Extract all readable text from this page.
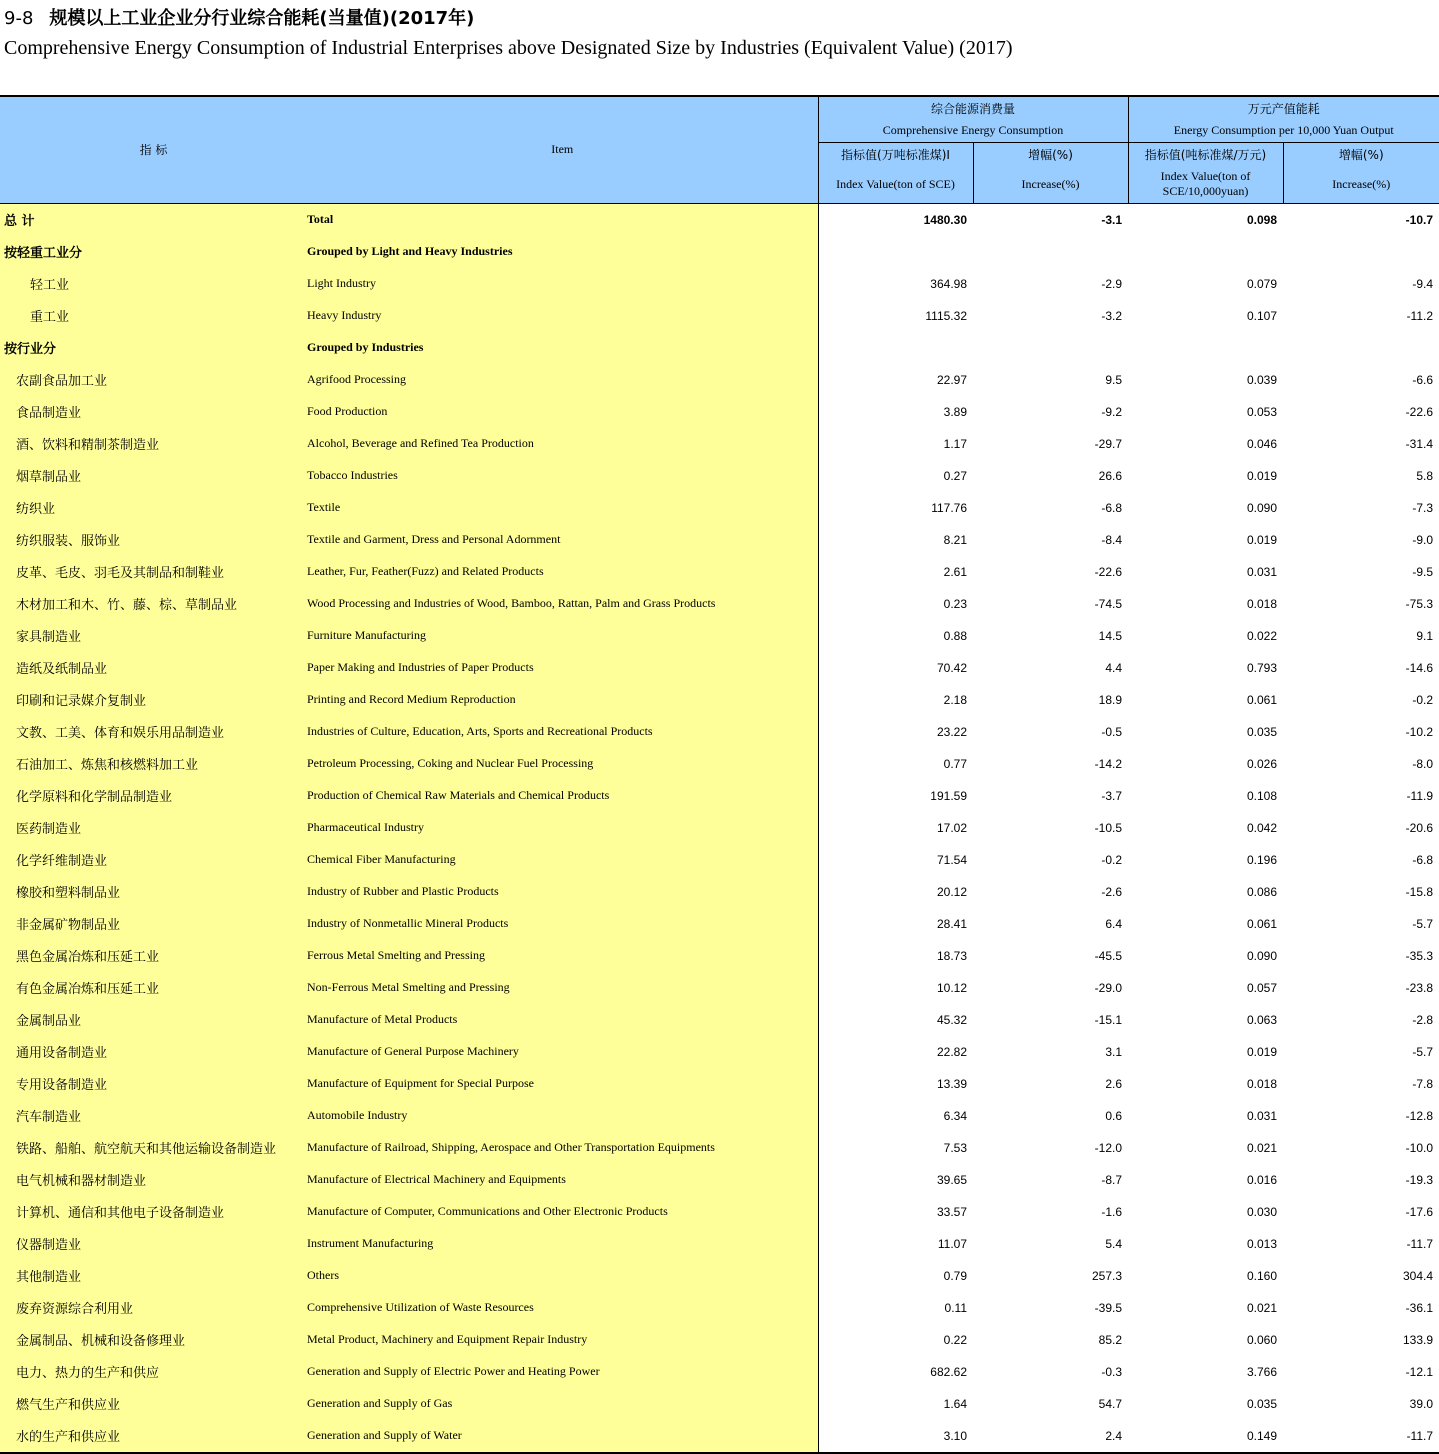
9-8 规模以上工业企业分行业综合能耗(当量值)(2017年)
Comprehensive Energy Consumption of Industrial Enterprises above Designated Size by Industries (Equivalent Value) (2017)
指 标	Item	综合能源消费量		万元产值能耗	
		Comprehensive Energy Consumption		Energy Consumption per 10,000 Yuan Output	
		指标值(万吨标准煤)I	增幅(%)	指标值(吨标准煤/万元)	增幅(%)
		Index Value(ton of SCE)	Increase(%)	Index Value(ton of SCE/10,000yuan)	Increase(%)
总 计	Total	1480.30	-3.1	0.098	-10.7
按轻重工业分	Grouped by Light and Heavy Industries				
轻工业	Light Industry	364.98	-2.9	0.079	-9.4
重工业	Heavy Industry	1115.32	-3.2	0.107	-11.2
按行业分	Grouped by Industries				
农副食品加工业	Agrifood Processing	22.97	9.5	0.039	-6.6
食品制造业	Food Production	3.89	-9.2	0.053	-22.6
酒、饮料和精制茶制造业	Alcohol, Beverage and Refined Tea Production	1.17	-29.7	0.046	-31.4
烟草制品业	Tobacco Industries	0.27	26.6	0.019	5.8
纺织业	Textile	117.76	-6.8	0.090	-7.3
纺织服装、服饰业	Textile and Garment, Dress and Personal Adornment	8.21	-8.4	0.019	-9.0
皮革、毛皮、羽毛及其制品和制鞋业	Leather, Fur, Feather(Fuzz) and Related Products	2.61	-22.6	0.031	-9.5
木材加工和木、竹、藤、棕、草制品业	Wood Processing and Industries of Wood, Bamboo, Rattan, Palm and Grass Products	0.23	-74.5	0.018	-75.3
家具制造业	Furniture Manufacturing	0.88	14.5	0.022	9.1
造纸及纸制品业	Paper Making and Industries of Paper Products	70.42	4.4	0.793	-14.6
印刷和记录媒介复制业	Printing and Record Medium Reproduction	2.18	18.9	0.061	-0.2
文教、工美、体育和娱乐用品制造业	Industries of Culture, Education, Arts, Sports and Recreational Products	23.22	-0.5	0.035	-10.2
石油加工、炼焦和核燃料加工业	Petroleum Processing, Coking and Nuclear Fuel Processing	0.77	-14.2	0.026	-8.0
化学原料和化学制品制造业	Production of Chemical Raw Materials and Chemical Products	191.59	-3.7	0.108	-11.9
医药制造业	Pharmaceutical Industry	17.02	-10.5	0.042	-20.6
化学纤维制造业	Chemical Fiber Manufacturing	71.54	-0.2	0.196	-6.8
橡胶和塑料制品业	Industry of Rubber and Plastic Products	20.12	-2.6	0.086	-15.8
非金属矿物制品业	Industry of Nonmetallic Mineral Products	28.41	6.4	0.061	-5.7
黑色金属冶炼和压延工业	Ferrous Metal Smelting and Pressing	18.73	-45.5	0.090	-35.3
有色金属冶炼和压延工业	Non-Ferrous Metal Smelting and Pressing	10.12	-29.0	0.057	-23.8
金属制品业	Manufacture of Metal Products	45.32	-15.1	0.063	-2.8
通用设备制造业	Manufacture of General Purpose Machinery	22.82	3.1	0.019	-5.7
专用设备制造业	Manufacture of Equipment for Special Purpose	13.39	2.6	0.018	-7.8
汽车制造业	Automobile Industry	6.34	0.6	0.031	-12.8
铁路、船舶、航空航天和其他运输设备制造业	Manufacture of Railroad, Shipping, Aerospace and Other Transportation Equipments	7.53	-12.0	0.021	-10.0
电气机械和器材制造业	Manufacture of Electrical Machinery and Equipments	39.65	-8.7	0.016	-19.3
计算机、通信和其他电子设备制造业	Manufacture of Computer, Communications and Other Electronic Products	33.57	-1.6	0.030	-17.6
仪器制造业	Instrument Manufacturing	11.07	5.4	0.013	-11.7
其他制造业	Others	0.79	257.3	0.160	304.4
废弃资源综合利用业	Comprehensive Utilization of Waste Resources	0.11	-39.5	0.021	-36.1
金属制品、机械和设备修理业	Metal Product, Machinery and Equipment Repair Industry	0.22	85.2	0.060	133.9
电力、热力的生产和供应	Generation and Supply of Electric Power and Heating Power	682.62	-0.3	3.766	-12.1
燃气生产和供应业	Generation and Supply of Gas	1.64	54.7	0.035	39.0
水的生产和供应业	Generation and Supply of Water	3.10	2.4	0.149	-11.7
